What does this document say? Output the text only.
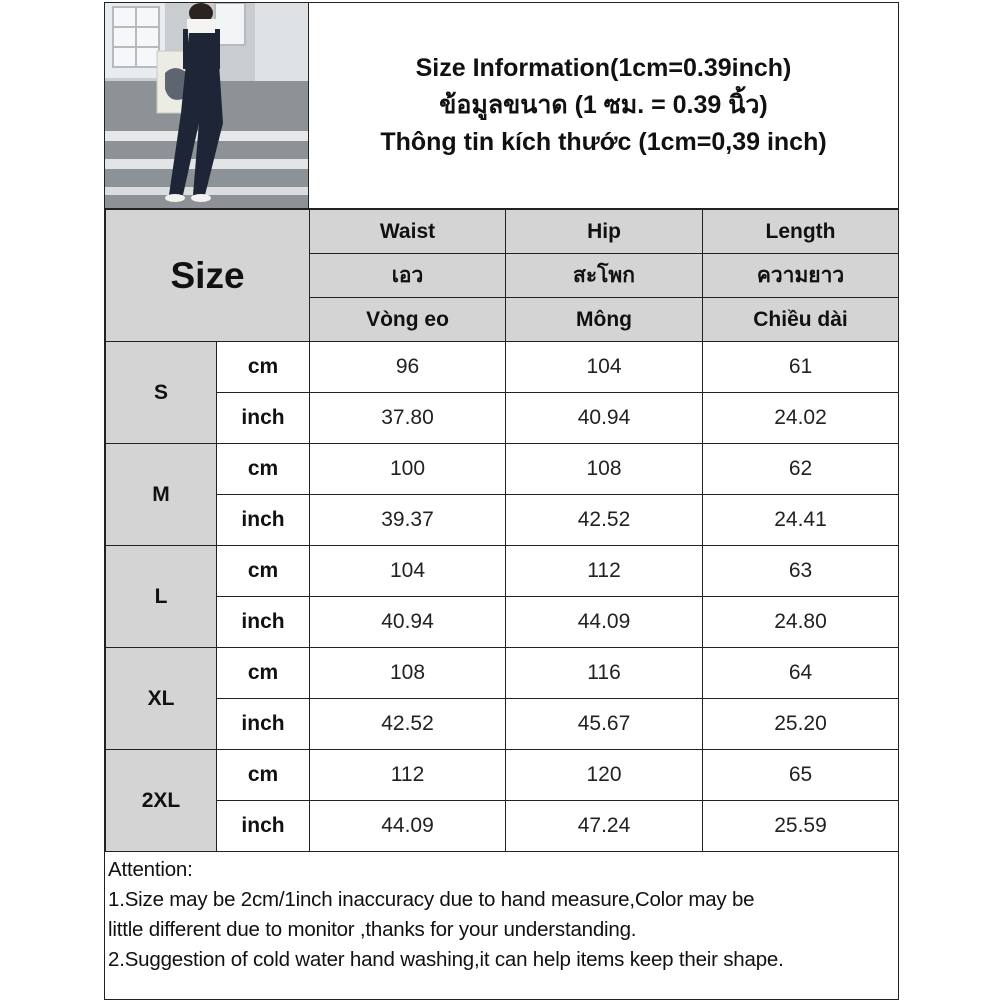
Size Information(1cm=0.39inch)
ข้อมูลขนาด (1 ซม. = 0.39 นิ้ว)
Thông tin kích thước (1cm=0,39 inch)
Size		Waist	Hip	Length
		เอว	สะโพก	ความยาว
		Vòng eo	Mông	Chiều dài
S	cm	96	104	61
	inch	37.80	40.94	24.02
M	cm	100	108	62
	inch	39.37	42.52	24.41
L	cm	104	112	63
	inch	40.94	44.09	24.80
XL	cm	108	116	64
	inch	42.52	45.67	25.20
2XL	cm	112	120	65
	inch	44.09	47.24	25.59
Attention:
1.Size may be 2cm/1inch inaccuracy due to hand measure,Color may be
little different due to monitor ,thanks for your understanding.
2.Suggestion of cold water hand washing,it can help items keep their shape.
